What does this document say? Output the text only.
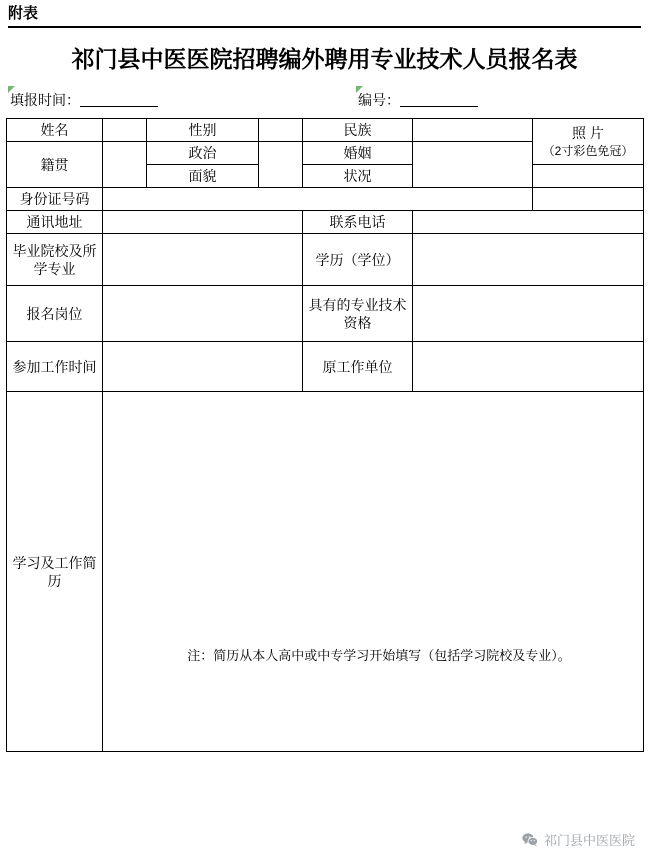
附表
祁门县中医医院招聘编外聘用专业技术人员报名表
填报时间：	编号：
姓名		性别		民族		照 片
（2寸彩色免冠）

籍贯		政治		婚姻		
		面貌		状况		
身份证号码						
通讯地址				联系电话		
毕业院校及所学专业				学历（学位）		
报名岗位				具有的专业技术资格		
参加工作时间				原工作单位		
学习及工作简历	注：简历从本人高中或中专学习开始填写（包括学习院校及专业）。					
祁门县中医医院
